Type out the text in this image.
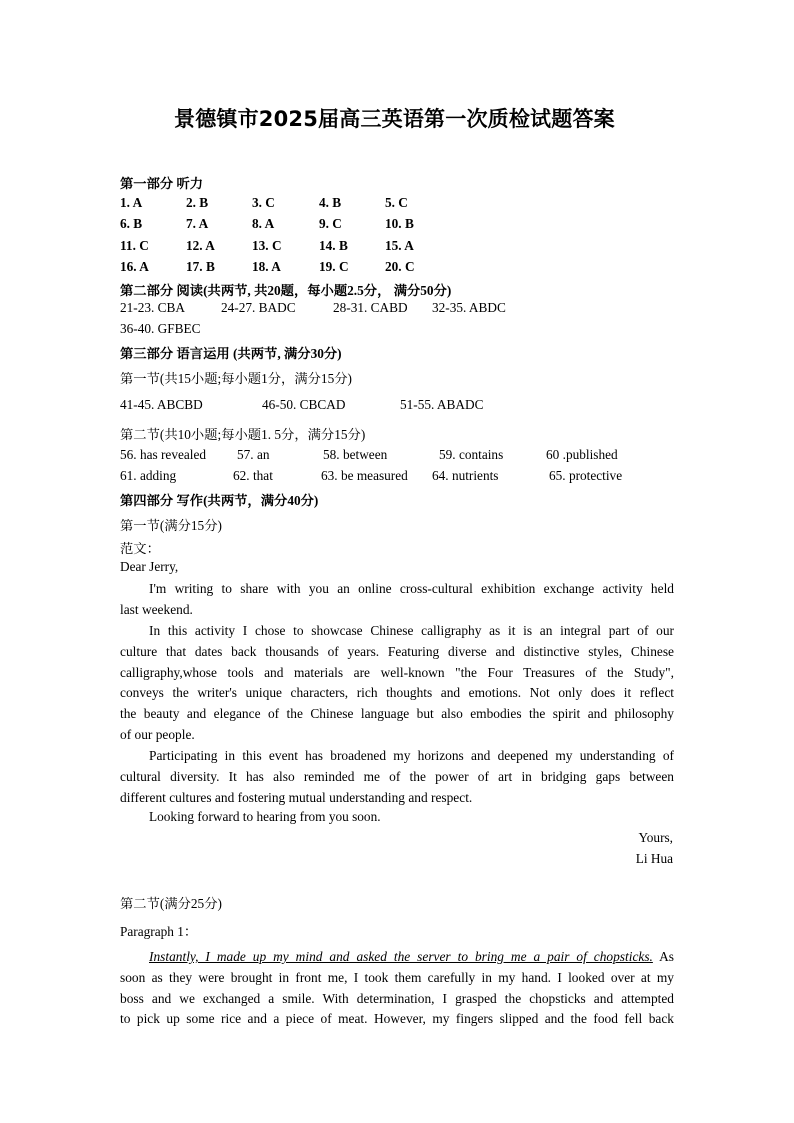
景德镇市2025届高三英语第一次质检试题答案
第一部分 听力
1. A	2. B	3. C	4. B	5. C
6. B	7. A	8. A	9. C	10. B
11. C	12. A	13. C	14. B	15. A
16. A	17. B	18. A	19. C	20. C
第二部分 阅读(共两节, 共20题，每小题2.5分， 满分50分)
21-23. CBA	24-27. BADC	28-31. CABD 32-35. ABDC
36-40. GFBEC
第三部分 语言运用 (共两节, 满分30分)
第一节(共15小题;每小题1分，满分15分)
41-45. ABCBD	46-50. CBCAD	51-55. ABADC
第二节(共10小题;每小题1. 5分，满分15分)
56. has revealed 57. an	58. between	59. contains	60 .published
61. adding	62. that	63. be measured 64. nutrients	65. protective
第四部分 写作(共两节，满分40分)
第一节(满分15分)
范文：
Dear Jerry,
I'm writing to share with you an online cross-cultural exhibition exchange activity held
last weekend.
In this activity I chose to showcase Chinese calligraphy as it is an integral part of our
culture that dates back thousands of years. Featuring diverse and distinctive styles, Chinese
calligraphy,whose tools and materials are well-known "the Four Treasures of the Study",
conveys the writer's unique characters, rich thoughts and emotions. Not only does it reflect
the beauty and elegance of the Chinese language but also embodies the spirit and philosophy
of our people.
Participating in this event has broadened my horizons and deepened my understanding of
cultural diversity. It has also reminded me of the power of art in bridging gaps between
different cultures and fostering mutual understanding and respect.
Looking forward to hearing from you soon.
Yours,
Li Hua
第二节(满分25分)
Paragraph 1：
Instantly, I made up my mind and asked the server to bring me a pair of chopsticks. As
soon as they were brought in front me, I took them carefully in my hand. I looked over at my
boss and we exchanged a smile. With determination, I grasped the chopsticks and attempted
to pick up some rice and a piece of meat. However, my fingers slipped and the food fell back
